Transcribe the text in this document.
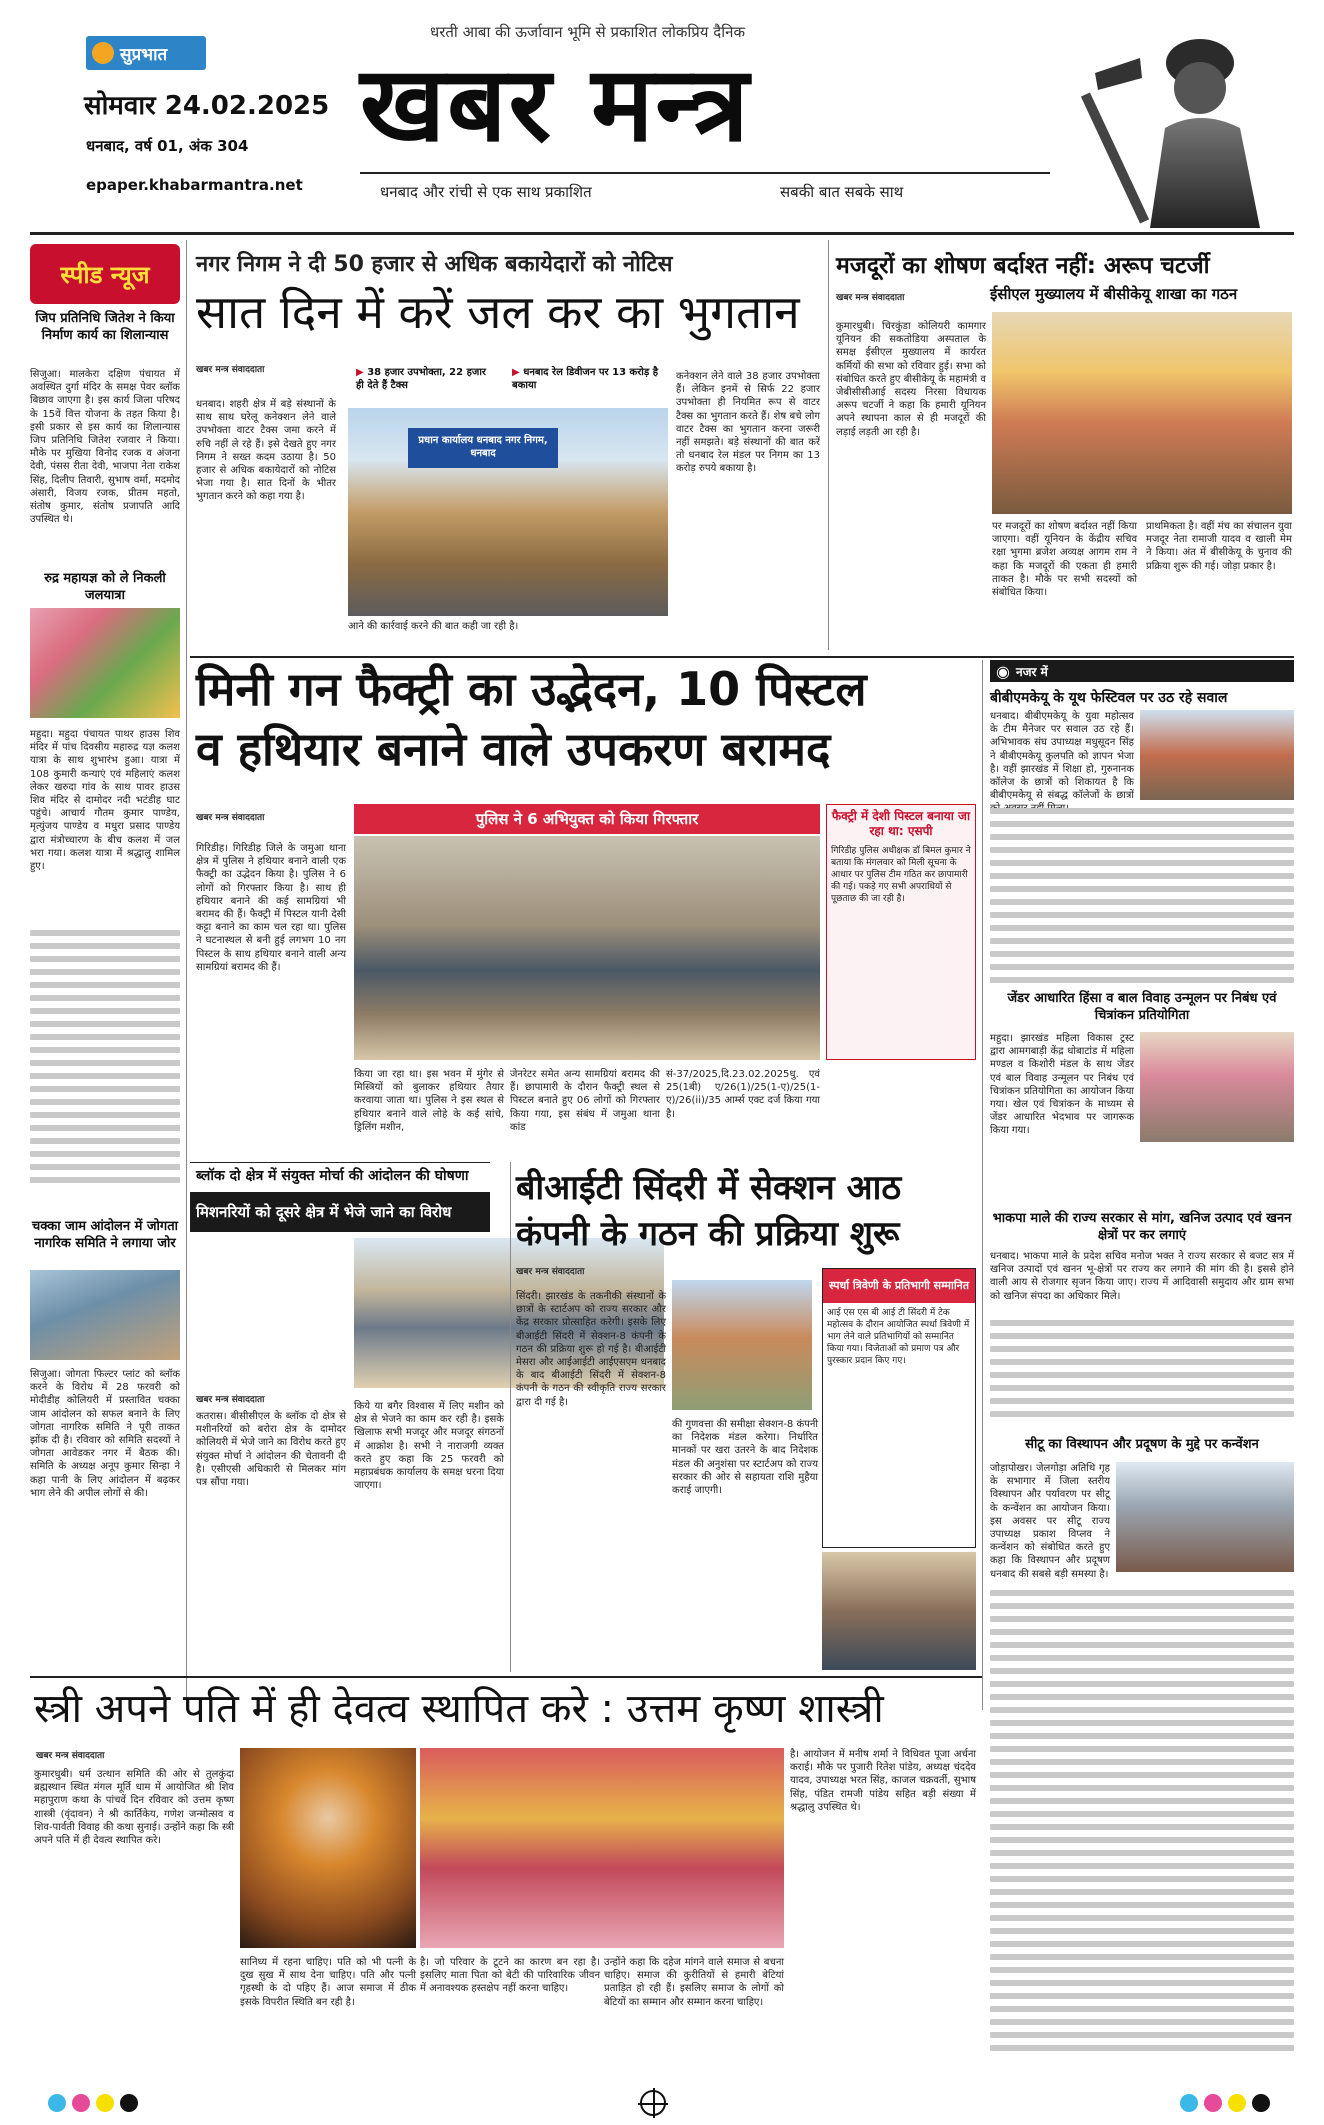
सुप्रभात
सोमवार 24.02.2025
धनबाद, वर्ष 01, अंक 304
epaper.khabarmantra.net
धरती आबा की ऊर्जावान भूमि से प्रकाशित लोकप्रिय दैनिक
खबर मन्त्र
धनबाद और रांची से एक साथ प्रकाशित	सबकी बात सबके साथ
स्पीड न्यूज
जिप प्रतिनिधि जितेश ने किया निर्माण कार्य का शिलान्यास
सिजुआ। मालकेरा दक्षिण पंचायत में अवस्थित दुर्गा मंदिर के समक्ष पेवर ब्लॉक बिछाव जाएगा है। इस कार्य जिला परिषद के 15वें वित्त योजना के तहत किया है। इसी प्रकार से इस कार्य का शिलान्यास जिप प्रतिनिधि जितेश रजवार ने किया। मौके पर मुखिया विनोद रजक व अंजना देवी, पंसस रीता देवी, भाजपा नेता राकेश सिंह, दिलीप तिवारी, सुभाष वर्मा, मदमोद अंसारी, विजय रजक, प्रीतम महतो, संतोष कुमार, संतोष प्रजापति आदि उपस्थित थे।
रुद्र महायज्ञ को ले निकली जलयात्रा
महुदा। महुदा पंचायत पाथर हाउस शिव मंदिर में पांच दिवसीय महारुद्र यज्ञ कलश यात्रा के साथ शुभारंभ हुआ। यात्रा में 108 कुमारी कन्याएं एवं महिलाएं कलश लेकर खरुदा गांव के साथ पावर हाउस शिव मंदिर से दामोदर नदी भटंडीह घाट पहुंचे। आचार्य गौतम कुमार पाण्डेय, मृत्युंजय पाण्डेय व मधुरा प्रसाद पाण्डेय द्वारा मंत्रोच्चारण के बीच कलश में जल भरा गया। कलश यात्रा में श्रद्धालु शामिल हुए।
चक्का जाम आंदोलन में जोगता नागरिक समिति ने लगाया जोर
सिजुआ। जोगता फिल्टर प्लांट को ब्लॉक करने के विरोध में 28 फरवरी को मोदीडीह कोलियरी में प्रस्तावित चक्का जाम आंदोलन को सफल बनाने के लिए जोगता नागरिक समिति ने पूरी ताकत झोंक दी है। रविवार को समिति सदस्यों ने जोगता आवेडकर नगर में बैठक की। समिति के अध्यक्ष अनूप कुमार सिन्हा ने कहा पानी के लिए आंदोलन में बढ़कर भाग लेने की अपील लोगों से की।
नगर निगम ने दी 50 हजार से अधिक बकायेदारों को नोटिस
सात दिन में करें जल कर का भुगतान
खबर मन्त्र संवाददाता	▶ 38 हजार उपभोक्ता, 22 हजार ही देते हैं टैक्स
▶ धनबाद रेल डिवीजन पर 13 करोड़ है बकाया
धनबाद। शहरी क्षेत्र में बड़े संस्थानों के साथ साथ घरेलू कनेक्शन लेने वाले उपभोक्ता वाटर टैक्स जमा करने में रुचि नहीं ले रहे हैं। इसे देखते हुए नगर निगम ने सख्त कदम उठाया है। 50 हजार से अधिक बकायेदारों को नोटिस भेजा गया है। सात दिनों के भीतर भुगतान करने को कहा गया है।
प्रधान कार्यालय धनबाद नगर निगम, धनबाद
आने की कार्रवाई करने की बात कही जा रही है।
कनेक्शन लेने वाले 38 हजार उपभोक्ता हैं। लेकिन इनमें से सिर्फ 22 हजार उपभोक्ता ही नियमित रूप से वाटर टैक्स का भुगतान करते हैं। शेष बचे लोग वाटर टैक्स का भुगतान करना जरूरी नहीं समझते। बड़े संस्थानों की बात करें तो धनबाद रेल मंडल पर निगम का 13 करोड़ रुपये बकाया है।
मजदूरों का शोषण बर्दाश्त नहीं: अरूप चटर्जी
खबर मन्त्र संवाददाता	ईसीएल मुख्यालय में बीसीकेयू शाखा का गठन
कुमारधुबी। चिरकुंडा कोलियरी कामगार यूनियन की सकतोडिया अस्पताल के समक्ष ईसीएल मुख्यालय में कार्यरत कर्मियों की सभा को रविवार हुई। सभा को संबोधित करते हुए बीसीकेयू के महामंत्री व जेबीसीसीआई सदस्य निरसा विधायक अरूप चटर्जी ने कहा कि हमारी यूनियन अपने स्थापना काल से ही मजदूरों की लड़ाई लड़ती आ रही है।
पर मजदूरों का शोषण बर्दाश्त नहीं किया जाएगा। वहीं यूनियन के केंद्रीय सचिव रक्षा भुगमा ब्रजेश अव्यक्ष आगम राम ने कहा कि मजदूरों की एकता ही हमारी ताकत है। मौके पर सभी सदस्यों को संबोधित किया।
प्राथमिकता है। वहीं मंच का संचालन युवा मजदूर नेता रामाजी यादव व खाली मेम ने किया। अंत में बीसीकेयू के चुनाव की प्रक्रिया शुरू की गई। जोड़ा प्रकार है।
मिनी गन फैक्ट्री का उद्भेदन, 10 पिस्टल
व हथियार बनाने वाले उपकरण बरामद
खबर मन्त्र संवाददाता
गिरिडीह। गिरिडीह जिले के जमुआ थाना क्षेत्र में पुलिस ने हथियार बनाने वाली एक फैक्ट्री का उद्भेदन किया है। पुलिस ने 6 लोगों को गिरफ्तार किया है। साथ ही हथियार बनाने की कई सामग्रियां भी बरामद की हैं। फैक्ट्री में पिस्टल यानी देसी कट्टा बनाने का काम चल रहा था। पुलिस ने घटनास्थल से बनी हुई लगभग 10 नग पिस्टल के साथ हथियार बनाने वाली अन्य सामग्रियां बरामद की हैं।
पुलिस ने 6 अभियुक्त को किया गिरफ्तार
किया जा रहा था। इस भवन में मुंगेर से मिस्त्रियों को बुलाकर हथियार तैयार करवाया जाता था। पुलिस ने इस स्थल से हथियार बनाने वाले लोहे के कई सांचे, ड्रिलिंग मशीन,
जेनरेटर समेत अन्य सामग्रियां बरामद की हैं। छापामारी के दौरान फैक्ट्री स्थल से पिस्टल बनाते हुए 06 लोगों को गिरफ्तार किया गया, इस संबंध में जमुआ थाना कांड
सं-37/2025,दि.23.02.2025धु. एवं 25(1बी) ए/26(1)/25(1-ए)/25(1-ए)/26(ii)/35 आर्म्स एक्ट दर्ज किया गया है।
फैक्ट्री में देशी पिस्टल बनाया जा रहा था: एसपी
गिरिडीह पुलिस अधीक्षक डॉ बिमल कुमार ने बताया कि मंगलवार को मिली सूचना के आधार पर पुलिस टीम गठित कर छापामारी की गई। पकड़े गए सभी अपराधियों से पूछताछ की जा रही है।
ब्लॉक दो क्षेत्र में संयुक्त मोर्चा की आंदोलन की घोषणा
मिशनरियों को दूसरे क्षेत्र में भेजे जाने का विरोध
खबर मन्त्र संवाददाता
कतरास। बीसीसीएल के ब्लॉक दो क्षेत्र से मशीनरियों को बरोरा क्षेत्र के दामोदर कोलियरी में भेजे जाने का विरोध करते हुए संयुक्त मोर्चा ने आंदोलन की चेतावनी दी है। एसीएसी अधिकारी से मिलकर मांग पत्र सौंपा गया।
किये या बगैर विश्वास में लिए मशीन को क्षेत्र से भेजने का काम कर रही है। इसके खिलाफ सभी मजदूर और मजदूर संगठनों में आक्रोश है। सभी ने नाराजगी व्यक्त करते हुए कहा कि 25 फरवरी को महाप्रबंधक कार्यालय के समक्ष धरना दिया जाएगा।
बीआईटी सिंदरी में सेक्शन आठ
कंपनी के गठन की प्रक्रिया शुरू
खबर मन्त्र संवाददाता
सिंदरी। झारखंड के तकनीकी संस्थानों के छात्रों के स्टार्टअप को राज्य सरकार और केंद्र सरकार प्रोत्साहित करेगी। इसके लिए बीआईटी सिंदरी में सेक्शन-8 कंपनी के गठन की प्रक्रिया शुरू हो गई है। बीआईटी मेसरा और आईआईटी आईएसएम धनबाद के बाद बीआईटी सिंदरी में सेक्शन-8 कंपनी के गठन की स्वीकृति राज्य सरकार द्वारा दी गई है।
की गुणवत्ता की समीक्षा सेक्शन-8 कंपनी का निदेशक मंडल करेगा। निर्धारित मानकों पर खरा उतरने के बाद निदेशक मंडल की अनुशंसा पर स्टार्टअप को राज्य सरकार की ओर से सहायता राशि मुहैया कराई जाएगी।
स्पर्धा त्रिवेणी के प्रतिभागी सम्मानित
आई एस एस बी आई टी सिंदरी में टेक महोत्सव के दौरान आयोजित स्पर्धा त्रिवेणी में भाग लेने वाले प्रतिभागियों को सम्मानित किया गया। विजेताओं को प्रमाण पत्र और पुरस्कार प्रदान किए गए।
◉ नजर में
बीबीएमकेयू के यूथ फेस्टिवल पर उठ रहे सवाल
धनबाद। बीबीएमकेयू के युवा महोत्सव के टीम मैनेजर पर सवाल उठ रहे हैं। अभिभावक संघ उपाध्यक्ष मधुसूदन सिंह ने बीबीएमकेयू कुलपति को ज्ञापन भेजा है। वहीं झारखंड में शिक्षा हो, गुरुनानक कॉलेज के छात्रों को शिकायत है कि बीबीएमकेयू से संबद्ध कॉलेजों के छात्रों
जेंडर आधारित हिंसा व बाल विवाह उन्मूलन पर निबंध एवं चित्रांकन प्रतियोगिता
महुदा। झारखंड महिला विकास ट्रस्ट द्वारा आमगबाड़ी केंद्र धोबाटांड में महिला मण्डल व किशोरी मंडल के साथ जेंडर एवं बाल विवाह उन्मूलन पर निबंध एवं चित्रांकन प्रतियोगिता का आयोजन किया गया। खेल एवं चित्रांकन के माध्यम से जेंडर आधारित भेदभाव पर जागरूक किया गया।
भाकपा माले की राज्य सरकार से मांग, खनिज उत्पाद एवं खनन क्षेत्रों पर कर लगाएं
धनबाद। भाकपा माले के प्रदेश सचिव मनोज भक्त ने राज्य सरकार से बजट सत्र में खनिज उत्पादों एवं खनन भू-क्षेत्रों पर राज्य कर लगाने की मांग की है। इससे होने वाली आय से रोजगार सृजन किया जाए। राज्य में आदिवासी समुदाय और ग्राम सभा को खनिज संपदा का अधिकार मिले।
सीटू का विस्थापन और प्रदूषण के मुद्दे पर कन्वेंशन
जोड़ापोखर। जेलगोड़ा अतिथि गृह के सभागार में जिला स्तरीय विस्थापन और पर्यावरण पर सीटू के कन्वेंशन का आयोजन किया। इस अवसर पर सीटू राज्य उपाध्यक्ष प्रकाश विप्लव ने कन्वेंशन को संबोधित करते हुए कहा कि विस्थापन और प्रदूषण धनबाद की सबसे बड़ी समस्या है।
स्त्री अपने पति में ही देवत्व स्थापित करे : उत्तम कृष्ण शास्त्री
खबर मन्त्र संवाददाता
कुमारधुबी। धर्म उत्थान समिति की ओर से तुलकुंदा ब्रह्मस्थान स्थित मंगल मूर्ति धाम में आयोजित श्री शिव महापुराण कथा के पांचवें दिन रविवार को उत्तम कृष्ण शास्त्री (वृंदावन) ने श्री कार्तिकेय, गणेश जन्मोत्सव व शिव-पार्वती विवाह की कथा सुनाई। उन्होंने कहा कि स्त्री अपने पति में ही देवत्व स्थापित करे।
सानिध्य में रहना चाहिए। पति को भी पत्नी के दुख सुख में साथ देना चाहिए। पति और पत्नी गृहस्थी के दो पहिए हैं। आज समाज में ठीक इसके विपरीत स्थिति बन रही है।
है। जो परिवार के टूटने का कारण बन रहा है। इसलिए माता पिता को बेटी की पारिवारिक जीवन में अनावश्यक हस्तक्षेप नहीं करना चाहिए।
उन्होंने कहा कि दहेज मांगने वाले समाज से बचना चाहिए। समाज की कुरीतियों से हमारी बेटियां प्रताड़ित हो रही हैं। इसलिए समाज के लोगों को बेटियों का सम्मान और सम्मान करना चाहिए।
है। आयोजन में मनीष शर्मा ने विधिवत पूजा अर्चना कराई। मौके पर पुजारी रितेश पांडेय, अध्यक्ष चंददेव यादव, उपाध्यक्ष भरत सिंह, काजल चक्रवर्ती, सुभाष सिंह, पंडित रामजी पांडेय सहित बड़ी संख्या में श्रद्धालु उपस्थित थे।
